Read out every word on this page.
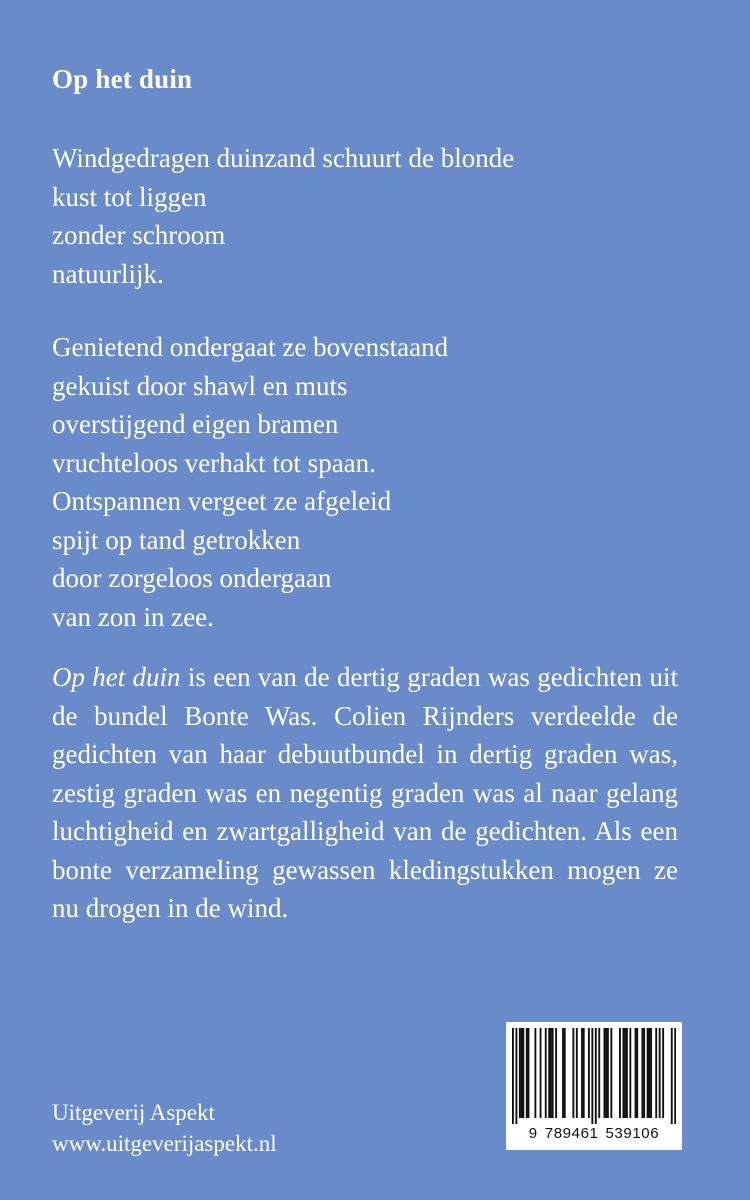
Op het duin
Windgedragen duinzand schuurt de blonde
kust tot liggen
zonder schroom
natuurlijk.
Genietend ondergaat ze bovenstaand
gekuist door shawl en muts
overstijgend eigen bramen
vruchteloos verhakt tot spaan.
Ontspannen vergeet ze afgeleid
spijt op tand getrokken
door zorgeloos ondergaan
van zon in zee.
Op het duin is een van de dertig graden was gedichten uit de bundel Bonte Was. Colien Rijnders verdeelde de gedichten van haar debuutbundel in dertig graden was, zestig graden was en negentig graden was al naar gelang luchtigheid en zwartgalligheid van de gedichten. Als een bonte verzameling gewassen kledingstukken mogen ze nu drogen in de wind.
Uitgeverij Aspekt
www.uitgeverijaspekt.nl	9 7 8 9 4 6 1 5 3 9 1 0 6
